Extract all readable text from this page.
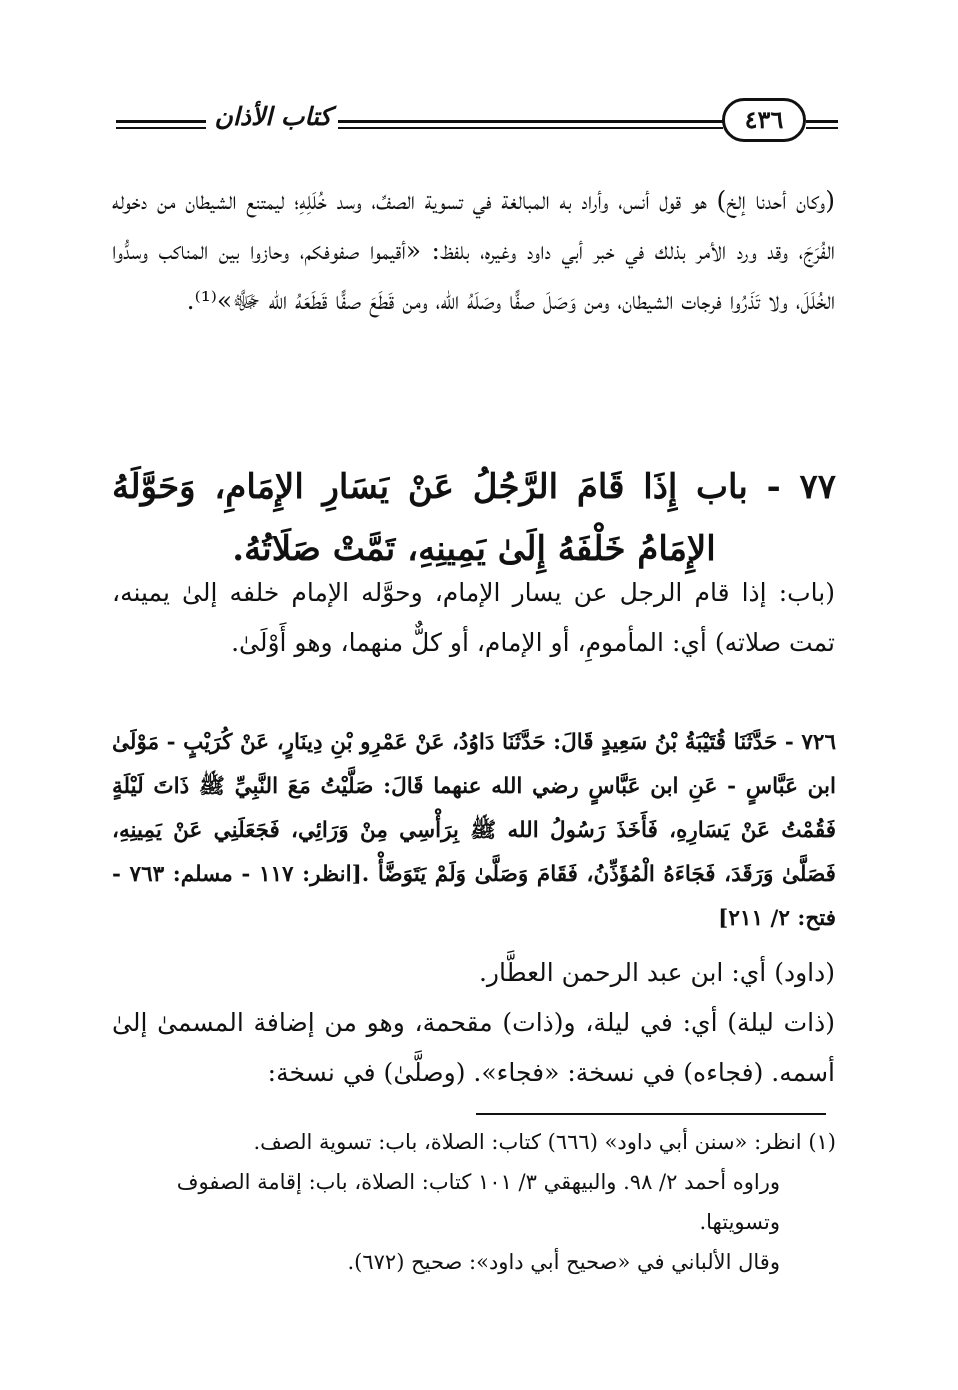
كتاب الأذان	٤٣٦

(وكان أحدنا إلخ) هو قول أنس، وأراد به المبالغة في تسوية الصفِّ، وسد خُلَلِهِ؛ ليمتنع الشيطان من دخوله الفُرَجَ، وقد ورد الأمر بذلك في خبر أبي داود وغيره، بلفظ: «أقيموا صفوفكم، وحازوا بين المناكب وسدُّوا الخُلَلَ، ولا تَذَرُوا فرجات الشيطان، ومن وَصَلَ صفًّا وصَلَهُ الله، ومن قَطَعَ صفًّا قَطَعَهُ الله ﷻ»⁽¹⁾.

٧٧ - باب إِذَا قَامَ الرَّجُلُ عَنْ يَسَارِ الإِمَامِ، وَحَوَّلَهُ الإِمَامُ خَلْفَهُ إِلَىٰ يَمِينِهِ، تَمَّتْ صَلَاتُهُ.

(باب: إذا قام الرجل عن يسار الإمام، وحوَّله الإمام خلفه إلىٰ يمينه، تمت صلاته) أي: المأمومِ، أو الإمام، أو كلٌّ منهما، وهو أَوْلَىٰ.

٧٢٦ - حَدَّثَنَا قُتَيْبَةُ بْنُ سَعِيدٍ قَالَ: حَدَّثَنَا دَاوُدُ، عَنْ عَمْرِو بْنِ دِينَارٍ، عَنْ كُرَيْبٍ - مَوْلَىٰ ابن عَبَّاسٍ - عَنِ ابن عَبَّاسٍ رضي الله عنهما قَالَ: صَلَّيْتُ مَعَ النَّبِيِّ ﷺ ذَاتَ لَيْلَةٍ فَقُمْتُ عَنْ يَسَارِهِ، فَأَخَذَ رَسُولُ الله ﷺ بِرَأْسِي مِنْ وَرَائِي، فَجَعَلَنِي عَنْ يَمِينِهِ، فَصَلَّىٰ وَرَقَدَ، فَجَاءَهُ الْمُؤَذِّنُ، فَقَامَ وَصَلَّىٰ وَلَمْ يَتَوَضَّأْ .[انظر: ١١٧ - مسلم: ٧٦٣ - فتح: ٢/ ٢١١]

(داود) أي: ابن عبد الرحمن العطَّار.

(ذات ليلة) أي: في ليلة، و(ذات) مقحمة، وهو من إضافة المسمىٰ إلىٰ أسمه. (فجاءه) في نسخة: «فجاء». (وصلَّىٰ) في نسخة:

(١) انظر: «سنن أبي داود» (٦٦٦) كتاب: الصلاة، باب: تسوية الصف.

وراوه أحمد ٢/ ٩٨. والبيهقي ٣/ ١٠١ كتاب: الصلاة، باب: إقامة الصفوف وتسويتها.

وقال الألباني في «صحيح أبي داود»: صحيح (٦٧٢).
